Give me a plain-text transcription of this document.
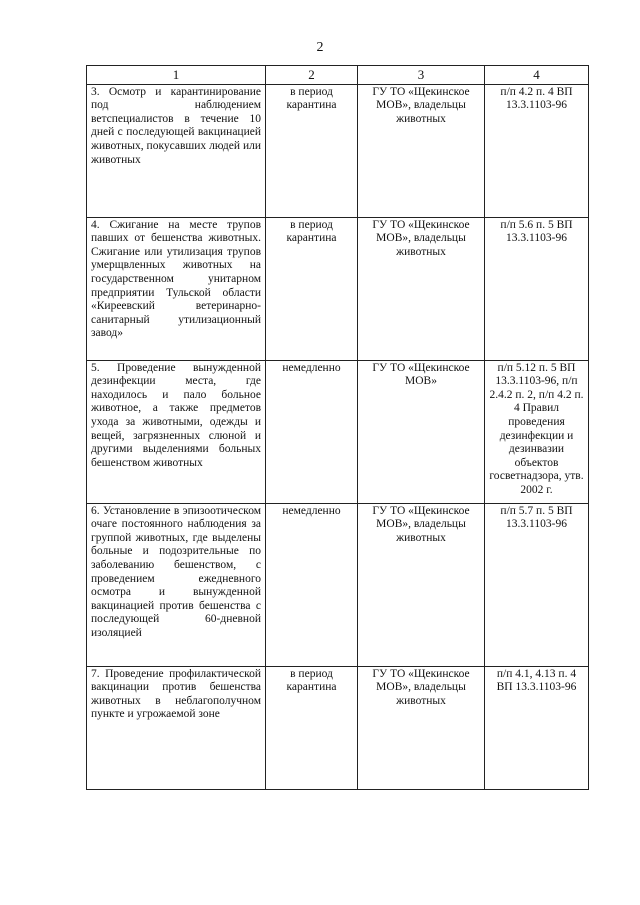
2
1	2	3	4
3. Осмотр и карантинирование под наблюдением ветспециалистов в течение 10 дней с последующей вакцинацией животных, покусавших людей или животных	в период карантина	ГУ ТО «Щекинское МОВ», владельцы животных	п/п 4.2 п. 4 ВП 13.3.1103-96
4. Сжигание на месте трупов павших от бешенства животных. Сжигание или утилизация трупов умерщвленных животных на государственном унитарном предприятии Тульской области «Киреевский ветеринарно-санитарный утилизационный завод»	в период карантина	ГУ ТО «Щекинское МОВ», владельцы животных	п/п 5.6 п. 5 ВП 13.3.1103-96
5. Проведение вынужденной дезинфекции места, где находилось и пало больное животное, а также предметов ухода за животными, одежды и вещей, загрязненных слюной и другими выделениями больных бешенством животных	немедленно	ГУ ТО «Щекинское МОВ»	п/п 5.12 п. 5 ВП 13.3.1103-96, п/п 2.4.2 п. 2, п/п 4.2 п. 4 Правил проведения дезинфекции и дезинвазии объектов госветнадзора, утв. 2002 г.
6. Установление в эпизоотическом очаге постоянного наблюдения за группой животных, где выделены больные и подозрительные по заболеванию бешенством, с проведением ежедневного осмотра и вынужденной вакцинацией против бешенства с последующей 60-дневной изоляцией	немедленно	ГУ ТО «Щекинское МОВ», владельцы животных	п/п 5.7 п. 5 ВП 13.3.1103-96
7. Проведение профилактической вакцинации против бешенства животных в неблагополучном пункте и угрожаемой зоне	в период карантина	ГУ ТО «Щекинское МОВ», владельцы животных	п/п 4.1, 4.13 п. 4 ВП 13.3.1103-96
